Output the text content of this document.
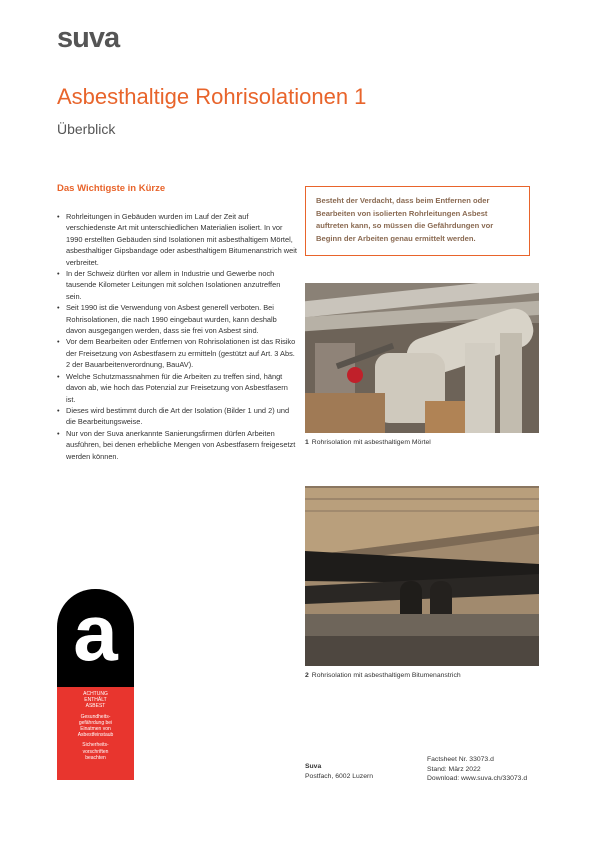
suva
Asbesthaltige Rohrisolationen 1
Überblick
Das Wichtigste in Kürze
• Rohrleitungen in Gebäuden wurden im Lauf der Zeit auf verschiedenste Art mit unterschiedlichen Materialien isoliert. In vor 1990 erstellten Gebäuden sind Isolationen mit asbesthaltigem Mörtel, asbesthaltiger Gipsbandage oder asbesthaltigem Bitumenanstrich weit verbreitet.
• In der Schweiz dürften vor allem in Industrie und Gewerbe noch tausende Kilometer Leitungen mit solchen Isolationen anzutreffen sein.
• Seit 1990 ist die Verwendung von Asbest generell verboten. Bei Rohrisolationen, die nach 1990 eingebaut wurden, kann deshalb davon ausgegangen werden, dass sie frei von Asbest sind.
• Vor dem Bearbeiten oder Entfernen von Rohrisolationen ist das Risiko der Freisetzung von Asbestfasern zu ermitteln (gestützt auf Art. 3 Abs. 2 der Bauarbeitenverordnung, BauAV).
• Welche Schutzmassnahmen für die Arbeiten zu treffen sind, hängt davon ab, wie hoch das Potenzial zur Freisetzung von Asbestfasern ist.
• Dieses wird bestimmt durch die Art der Isolation (Bilder 1 und 2) und die Bearbeitungsweise.
• Nur von der Suva anerkannte Sanierungsfirmen dürfen Arbeiten ausführen, bei denen erhebliche Mengen von Asbestfasern freigesetzt werden können.
Besteht der Verdacht, dass beim Entfernen oder Bearbeiten von isolierten Rohrleitungen Asbest auftreten kann, so müssen die Gefährdungen vor Beginn der Arbeiten genau ermittelt werden.
1 Rohrisolation mit asbesthaltigem Mörtel
2 Rohrisolation mit asbesthaltigem Bitumenanstrich
a
ACHTUNG
ENTHÄLT
ASBEST
Gesundheits-
gefährdung bei
Einatmen von
Asbestfeinstaub
Sicherheits-
vorschriften
beachten
Suva
Postfach, 6002 Luzern
Factsheet Nr. 33073.d
Stand: März 2022
Download: www.suva.ch/33073.d
